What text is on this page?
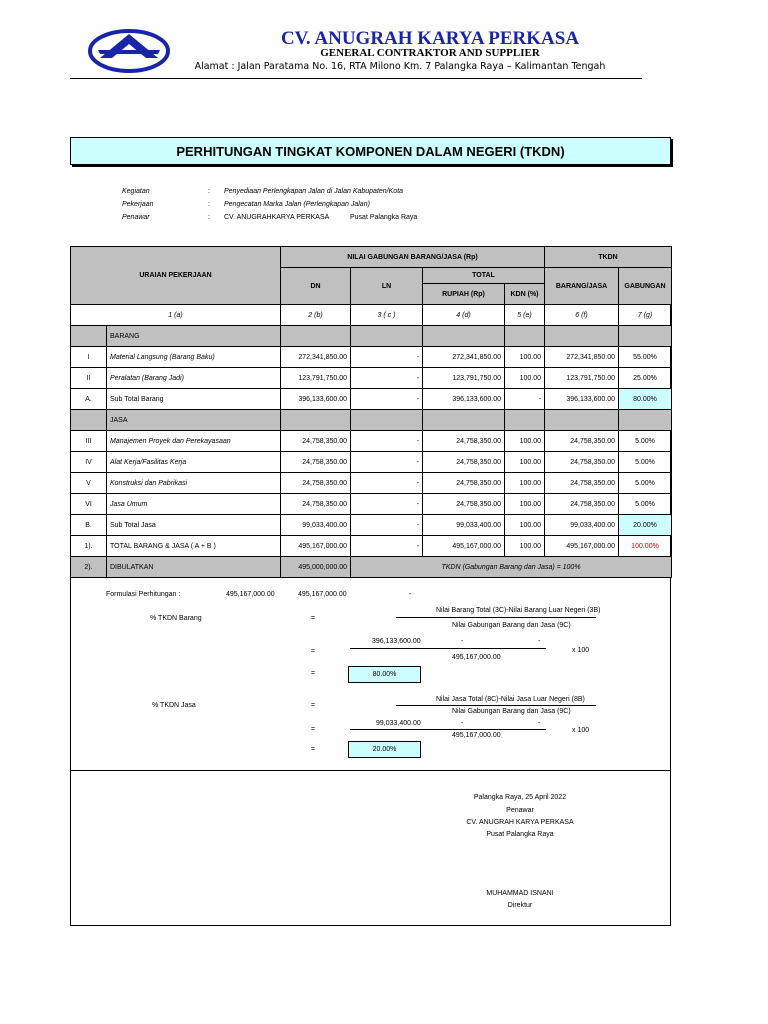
CV. ANUGRAH KARYA PERKASA
GENERAL CONTRAKTOR AND SUPPLIER
Alamat : Jalan Paratama No. 16, RTA Milono Km. 7 Palangka Raya – Kalimantan Tengah
PERHITUNGAN TINGKAT KOMPONEN DALAM NEGERI (TKDN)
Kegiatan	: Penyediaan Perlengkapan Jalan di Jalan Kabupaten/Kota
Pekerjaan	: Pengecatan Marka Jalan (Perlengkapan Jalan)
Penawar	: CV. ANUGRAHKARYA PERKASA	Pusat Palangka Raya
URAIAN PEKERJAAN		NILAI GABUNGAN BARANG/JASA (Rp)				TKDN	
		DN	LN	TOTAL		BARANG/JASA	GABUNGAN
				RUPIAH (Rp)	KDN (%)		
1 (a)		2 (b)	3 ( c )	4 (d)	5 (e)	6 (f)	7 (g)
	BARANG						
I	Material Langsung (Barang Baku)	272,341,850.00	-	272,341,850.00	100.00	272,341,850.00	55.00%
II	Peralatan (Barang Jadi)	123,791,750.00	-	123,791,750.00	100.00	123,791,750.00	25.00%
A.	Sub Total Barang	396,133,600.00	-	396,133,600.00	-	396,133,600.00	80.00%
	JASA						
III	Manajemen Proyek dan Perekayasaan	24,758,350.00	-	24,758,350.00	100.00	24,758,350.00	5.00%
IV	Alat Kerja/Fasilitas Kerja	24,758,350.00	-	24,758,350.00	100.00	24,758,350.00	5.00%
V	Konstruksi dan Pabrikasi	24,758,350.00	-	24,758,350.00	100.00	24,758,350.00	5.00%
VI	Jasa Umum	24,758,350.00	-	24,758,350.00	100.00	24,758,350.00	5.00%
B.	Sub Total Jasa	99,033,400.00	-	99,033,400.00	100.00	99,033,400.00	20.00%
1).	TOTAL BARANG & JASA ( A + B )	495,167,000.00	-	495,167,000.00	100.00	495,167,000.00	100.00%
2).	DIBULATKAN	495,000,000.00	TKDN (Gabungan Barang dan Jasa) = 100%				
Formulasi Perhitungan :	495,167,000.00	495,167,000.00	-
% TKDN Barang	=
Nilai Barang Total (3C)-Nilai Barang Luar Negeri (3B)
Nilai Gabungan Barang dan Jasa (9C)
396,133,600.00	-	-
=
495,167,000.00
x 100
=	80.00%
% TKDN Jasa	=
Nilai Jasa Total (8C)-Nilai Jasa Luar Negeri (8B)
Nilai Gabungan Barang dan Jasa (9C)
99,033,400.00	-	-
=
495,167,000.00
x 100
=	20.00%
Palangka Raya, 25 April 2022
Penawar
CV. ANUGRAH KARYA PERKASA
Pusat Palangka Raya
MUHAMMAD ISNANI
Direktur
